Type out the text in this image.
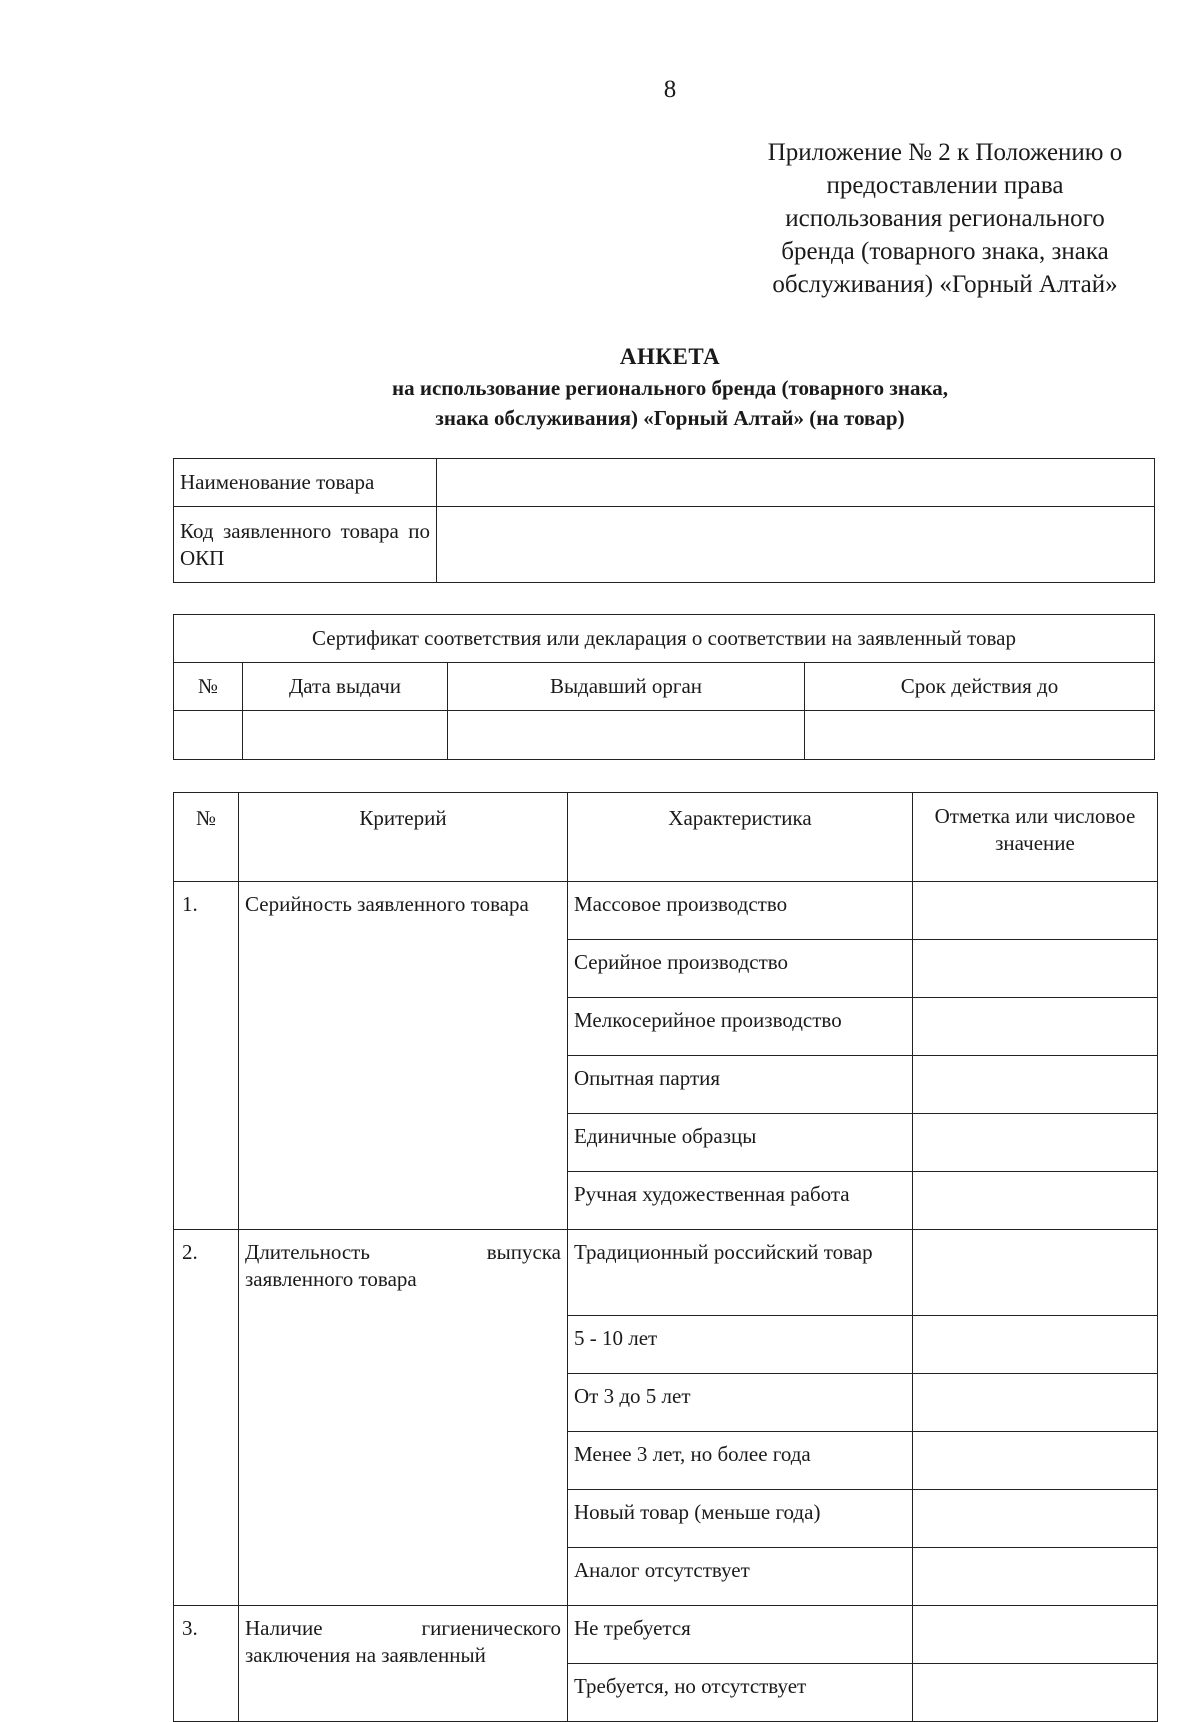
8
Приложение № 2 к Положению о
предоставлении права
использования регионального
бренда (товарного знака, знака
обслуживания) «Горный Алтай»
АНКЕТА
на использование регионального бренда (товарного знака,
знака обслуживания) «Горный Алтай» (на товар)
Наименование товара	
Код заявленного товара по ОКП	
Сертификат соответствия или декларация о соответствии на заявленный товар			
№	Дата выдачи	Выдавший орган	Срок действия до

№	Критерий	Характеристика	Отметка или числовое значение
1.	Серийность заявленного товара	Массовое производство	
		Серийное производство	
		Мелкосерийное производство	
		Опытная партия	
		Единичные образцы	
		Ручная художественная работа	
2.	Длительность выпуска заявленного товара	Традиционный российский товар	
		5 - 10 лет	
		От 3 до 5 лет	
		Менее 3 лет, но более года	
		Новый товар (меньше года)	
		Аналог отсутствует	
3.	Наличие гигиенического заключения на заявленный	Не требуется	
		Требуется, но отсутствует	
